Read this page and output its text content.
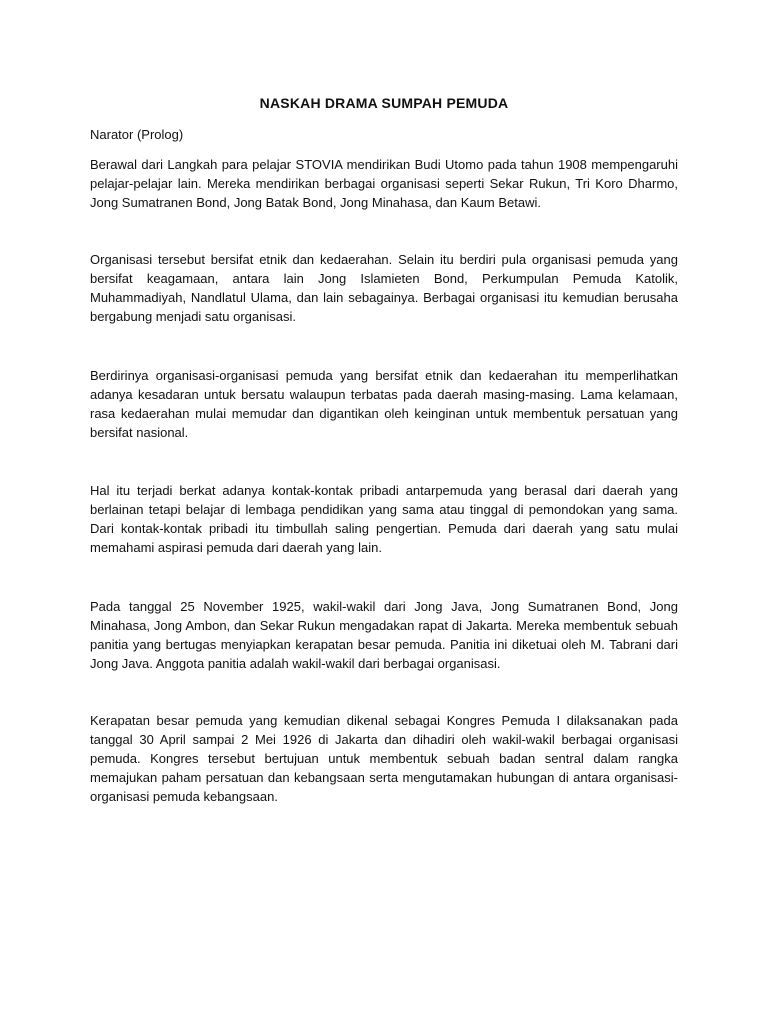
NASKAH DRAMA SUMPAH PEMUDA
Narator (Prolog)

Berawal dari Langkah para pelajar STOVIA mendirikan Budi Utomo pada tahun 1908 mempengaruhi pelajar-pelajar lain. Mereka mendirikan berbagai organisasi seperti Sekar Rukun, Tri Koro Dharmo, Jong Sumatranen Bond, Jong Batak Bond, Jong Minahasa, dan Kaum Betawi.

Organisasi tersebut bersifat etnik dan kedaerahan. Selain itu berdiri pula organisasi pemuda yang bersifat keagamaan, antara lain Jong Islamieten Bond, Perkumpulan Pemuda Katolik, Muhammadiyah, Nandlatul Ulama, dan lain sebagainya. Berbagai organisasi itu kemudian berusaha bergabung menjadi satu organisasi.

Berdirinya organisasi-organisasi pemuda yang bersifat etnik dan kedaerahan itu memperlihatkan adanya kesadaran untuk bersatu walaupun terbatas pada daerah masing-masing. Lama kelamaan, rasa kedaerahan mulai memudar dan digantikan oleh keinginan untuk membentuk persatuan yang bersifat nasional.

Hal itu terjadi berkat adanya kontak-kontak pribadi antarpemuda yang berasal dari daerah yang berlainan tetapi belajar di lembaga pendidikan yang sama atau tinggal di pemondokan yang sama. Dari kontak-kontak pribadi itu timbullah saling pengertian. Pemuda dari daerah yang satu mulai memahami aspirasi pemuda dari daerah yang lain.

Pada tanggal 25 November 1925, wakil-wakil dari Jong Java, Jong Sumatranen Bond, Jong Minahasa, Jong Ambon, dan Sekar Rukun mengadakan rapat di Jakarta. Mereka membentuk sebuah panitia yang bertugas menyiapkan kerapatan besar pemuda. Panitia ini diketuai oleh M. Tabrani dari Jong Java. Anggota panitia adalah wakil-wakil dari berbagai organisasi.

Kerapatan besar pemuda yang kemudian dikenal sebagai Kongres Pemuda I dilaksanakan pada tanggal 30 April sampai 2 Mei 1926 di Jakarta dan dihadiri oleh wakil-wakil berbagai organisasi pemuda. Kongres tersebut bertujuan untuk membentuk sebuah badan sentral dalam rangka memajukan paham persatuan dan kebangsaan serta mengutamakan hubungan di antara organisasi-organisasi pemuda kebangsaan.
